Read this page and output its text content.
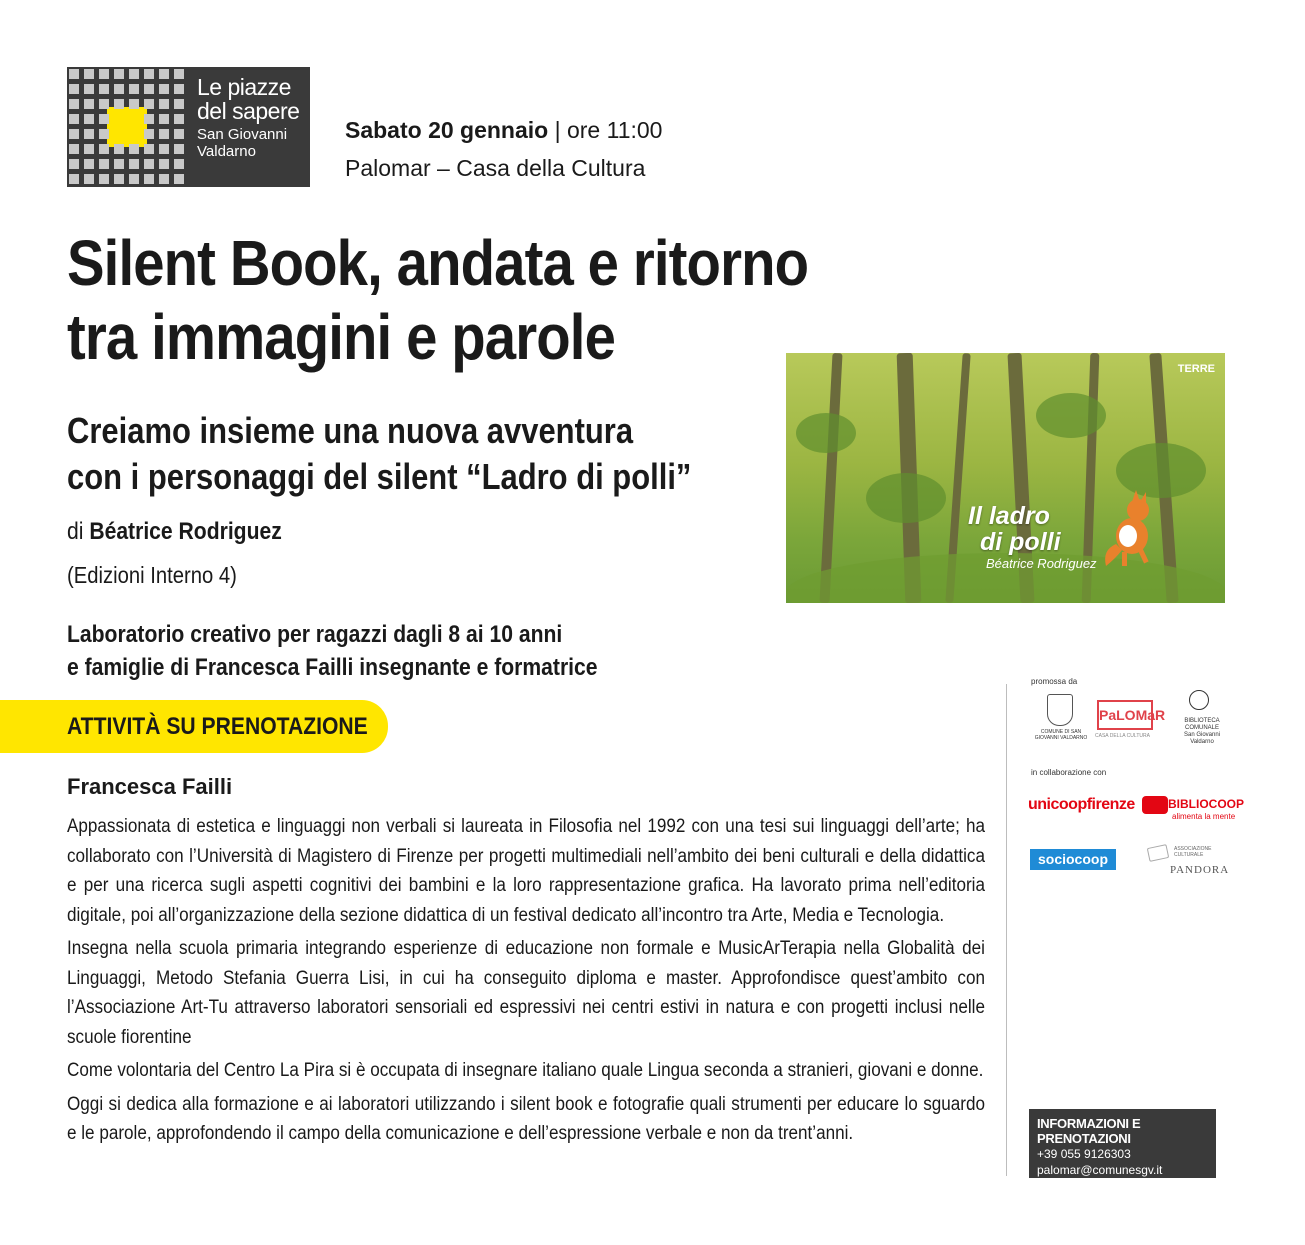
Le piazze
del sapere
San Giovanni
Valdarno
Sabato 20 gennaio | ore 11:00
Palomar – Casa della Cultura
Silent Book, andata e ritorno
tra immagini e parole
Creiamo insieme una nuova avventura
con i personaggi del silent “Ladro di polli”
di Béatrice Rodriguez
(Edizioni Interno 4)
Laboratorio creativo per ragazzi dagli 8 ai 10 anni
e famiglie di Francesca Failli insegnante e formatrice
TERRE
Il ladro
di polli
Béatrice Rodriguez
ATTIVITÀ SU PRENOTAZIONE
Francesca Failli

Appassionata di estetica e linguaggi non verbali si laureata in Filosofia nel 1992 con una tesi sui linguaggi dell’arte; ha collaborato con l’Università di Magistero di Firenze per progetti multimediali nell’ambito dei beni culturali e della didattica e per una ricerca sugli aspetti cognitivi dei bambini e la loro rappresentazione grafica. Ha lavorato prima nell’editoria digitale, poi all’organizzazione della sezione didattica di un festival dedicato all’incontro tra Arte, Media e Tecnologia.

Insegna nella scuola primaria integrando esperienze di educazione non formale e MusicArTerapia nella Globalità dei Linguaggi, Metodo Stefania Guerra Lisi, in cui ha conseguito diploma e master. Approfondisce quest’ambito con l’Associazione Art-Tu attraverso laboratori sensoriali ed espressivi nei centri estivi in natura e con progetti inclusi nelle scuole fiorentine

Come volontaria del Centro La Pira si è occupata di insegnare italiano quale Lingua seconda a stranieri, giovani e donne.

Oggi si dedica alla formazione e ai laboratori utilizzando i silent book e fotografie quali strumenti per educare lo sguardo e le parole, approfondendo il campo della comunicazione e dell’espressione verbale e non da trent’anni.

promossa da
COMUNE DI SAN GIOVANNI VALDARNO
PaLOMaR
CASA DELLA CULTURA
BIBLIOTECA COMUNALE
San Giovanni Valdarno
in collaborazione con
unicoopfirenze	BIBLIOCOOP
alimenta la mente
sociocoop
ASSOCIAZIONE CULTURALE
PANDORA
INFORMAZIONI E PRENOTAZIONI
+39 055 9126303
palomar@comunesgv.it
